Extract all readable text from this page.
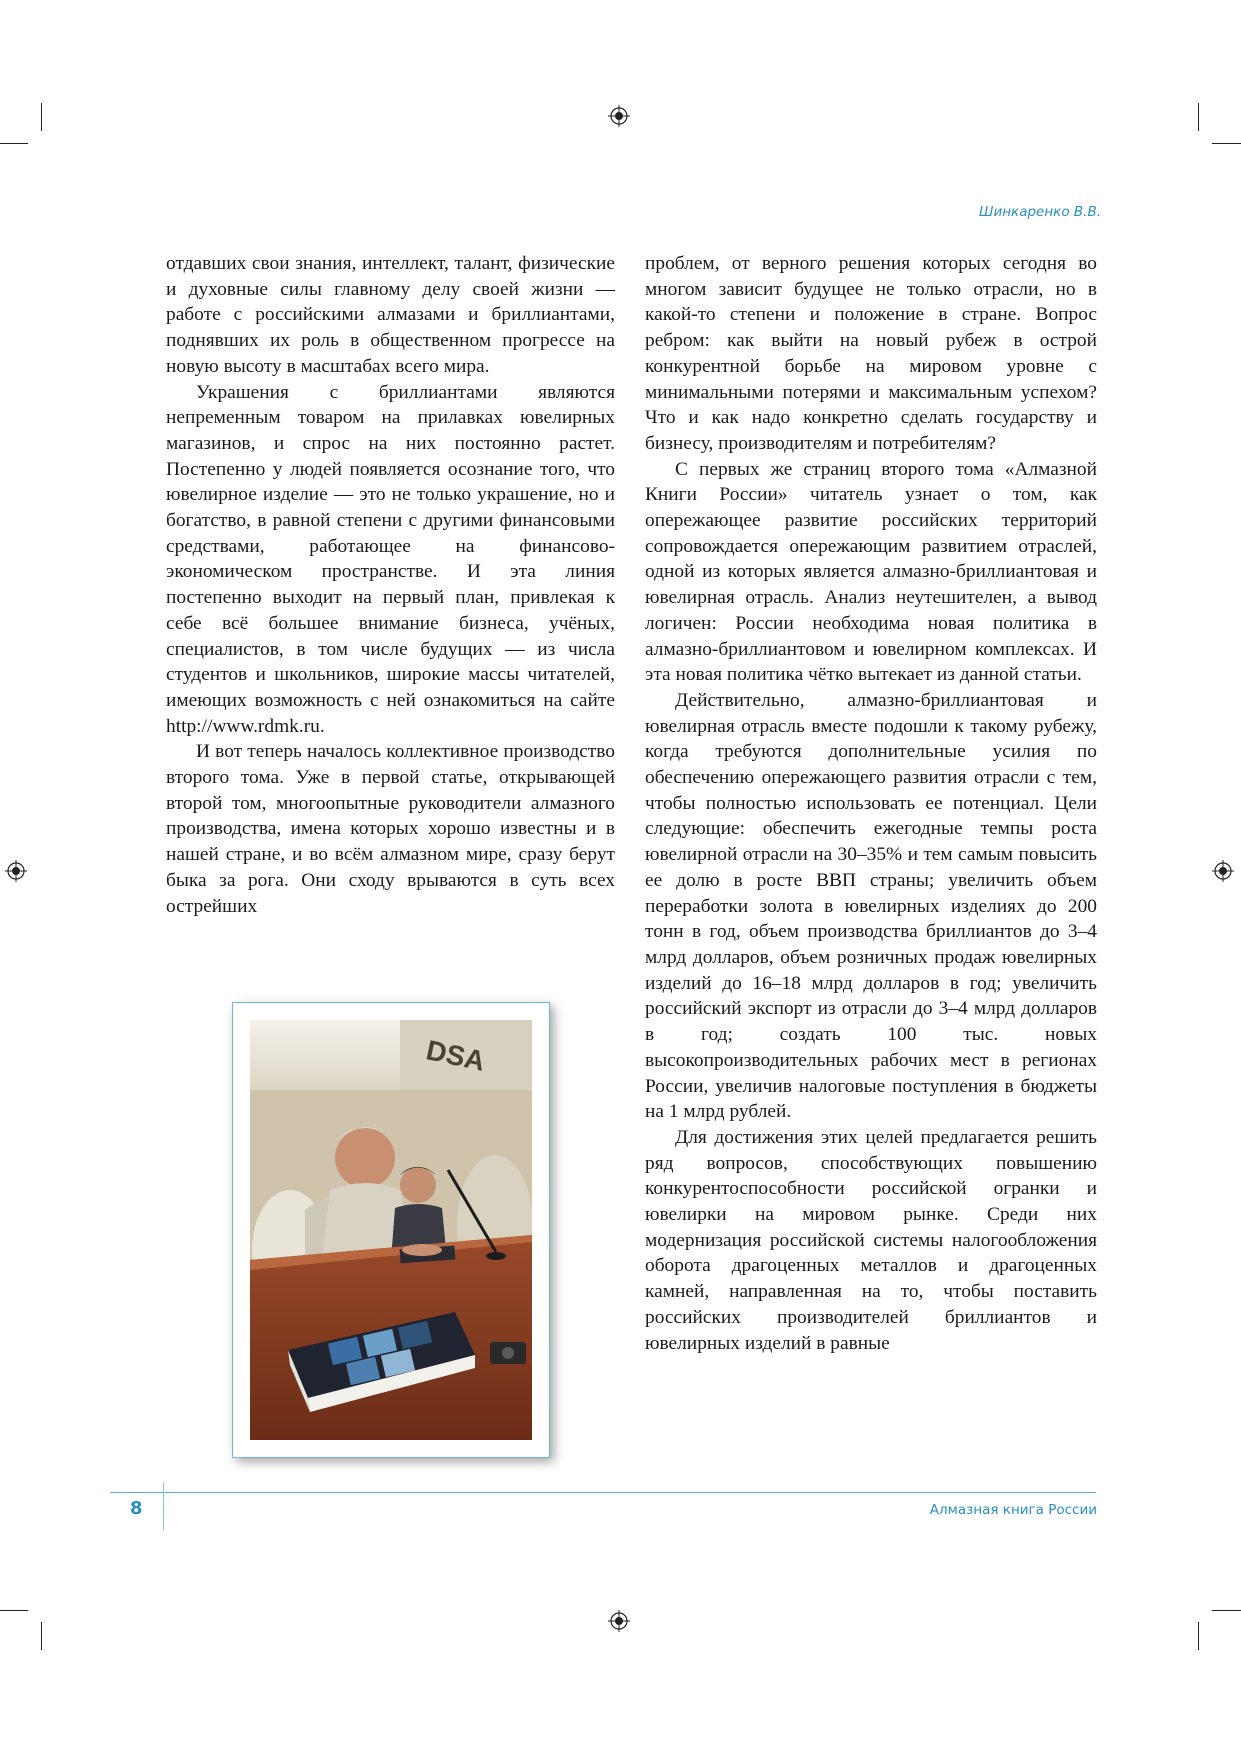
Шинкаренко В.В.

отдавших свои знания, интеллект, талант, физические и духовные силы главному делу своей жизни — работе с российскими алмазами и бриллиантами, поднявших их роль в общественном прогрессе на новую высоту в масштабах всего мира.

Украшения с бриллиантами являются непременным товаром на прилавках ювелирных магазинов, и спрос на них постоянно растет. Постепенно у людей появляется осознание того, что ювелирное изделие — это не только украшение, но и богатство, в равной степени с другими финансовыми средствами, работающее на финансово-экономическом пространстве. И эта линия постепенно выходит на первый план, привлекая к себе всё большее внимание бизнеса, учёных, специалистов, в том числе будущих — из числа студентов и школьников, широкие массы читателей, имеющих возможность с ней ознакомиться на сайте http://www.rdmk.ru.

И вот теперь началось коллективное производство второго тома. Уже в первой статье, открывающей второй том, многоопытные руководители алмазного производства, имена которых хорошо известны и в нашей стране, и во всём алмазном мире, сразу берут быка за рога. Они сходу врываются в суть всех острейших

проблем, от верного решения которых сегодня во многом зависит будущее не только отрасли, но в какой-то степени и положение в стране. Вопрос ребром: как выйти на новый рубеж в острой конкурентной борьбе на мировом уровне с минимальными потерями и максимальным успехом? Что и как надо конкретно сделать государству и бизнесу, производителям и потребителям?

С первых же страниц второго тома «Алмазной Книги России» читатель узнает о том, как опережающее развитие российских территорий сопровождается опережающим развитием отраслей, одной из которых является алмазно-бриллиантовая и ювелирная отрасль. Анализ неутешителен, а вывод логичен: России необходима новая политика в алмазно-бриллиантовом и ювелирном комплексах. И эта новая политика чётко вытекает из данной статьи.

Действительно, алмазно-бриллиантовая и ювелирная отрасль вместе подошли к такому рубежу, когда требуются дополнительные усилия по обеспечению опережающего развития отрасли с тем, чтобы полностью использовать ее потенциал. Цели следующие: обеспечить ежегодные темпы роста ювелирной отрасли на 30–35% и тем самым повысить ее долю в росте ВВП страны; увеличить объем переработки золота в ювелирных изделиях до 200 тонн в год, объем производства бриллиантов до 3–4 млрд долларов, объем розничных продаж ювелирных изделий до 16–18 млрд долларов в год; увеличить российский экспорт из отрасли до 3–4 млрд долларов в год; создать 100 тыс. новых высокопроизводительных рабочих мест в регионах России, увеличив налоговые поступления в бюджеты на 1 млрд рублей.

Для достижения этих целей предлагается решить ряд вопросов, способствующих повышению конкурентоспособности российской огранки и ювелирки на мировом рынке. Среди них модернизация российской системы налогообложения оборота драгоценных металлов и драгоценных камней, направленная на то, чтобы поставить российских производителей бриллиантов и ювелирных изделий в равные

DSA
8	Алмазная книга России
